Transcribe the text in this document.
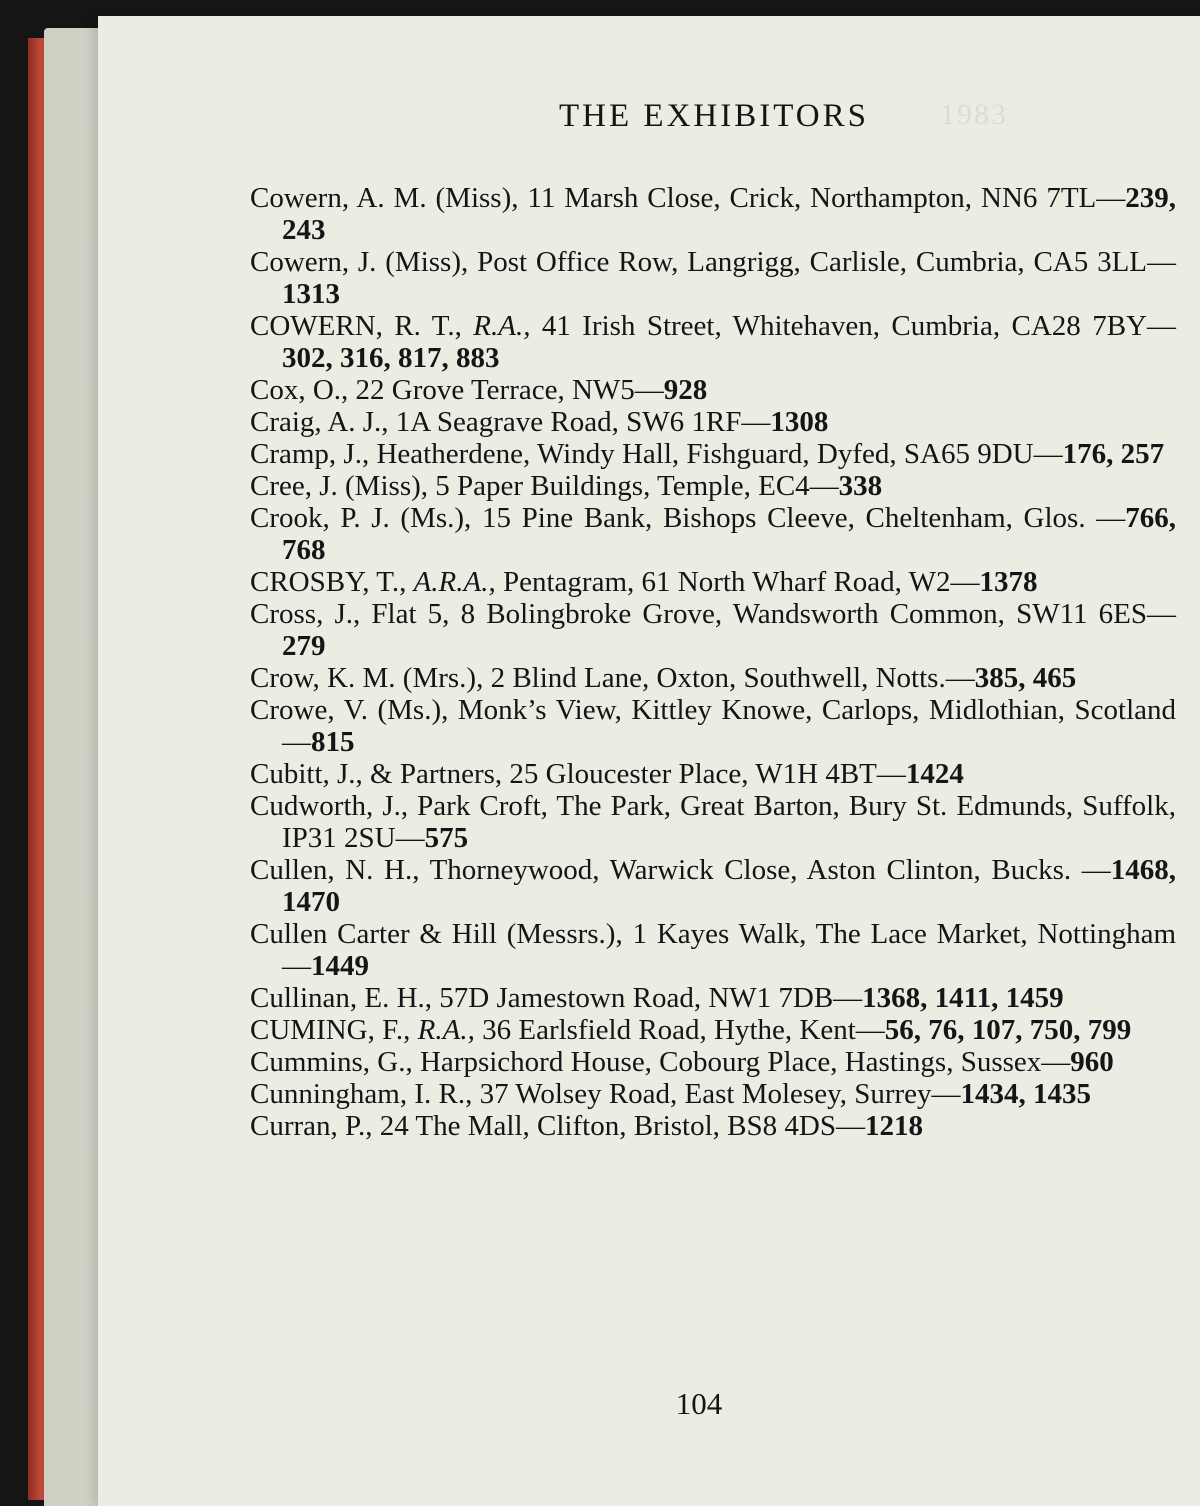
1983
THE EXHIBITORS

Cowern, A. M. (Miss), 11 Marsh Close, Crick, Northampton, NN6 7TL—239, 243

Cowern, J. (Miss), Post Office Row, Langrigg, Carlisle, Cumbria, CA5 3LL—1313

COWERN, R. T., R.A., 41 Irish Street, Whitehaven, Cumbria, CA28 7BY—302, 316, 817, 883

Cox, O., 22 Grove Terrace, NW5—928

Craig, A. J., 1A Seagrave Road, SW6 1RF—1308

Cramp, J., Heatherdene, Windy Hall, Fishguard, Dyfed, SA65 9DU—176, 257

Cree, J. (Miss), 5 Paper Buildings, Temple, EC4—338

Crook, P. J. (Ms.), 15 Pine Bank, Bishops Cleeve, Cheltenham, Glos. —766, 768

CROSBY, T., A.R.A., Pentagram, 61 North Wharf Road, W2—1378

Cross, J., Flat 5, 8 Bolingbroke Grove, Wandsworth Common, SW11 6ES—279

Crow, K. M. (Mrs.), 2 Blind Lane, Oxton, Southwell, Notts.—385, 465

Crowe, V. (Ms.), Monk’s View, Kittley Knowe, Carlops, Midlothian, Scotland—815

Cubitt, J., & Partners, 25 Gloucester Place, W1H 4BT—1424

Cudworth, J., Park Croft, The Park, Great Barton, Bury St. Edmunds, Suffolk, IP31 2SU—575

Cullen, N. H., Thorneywood, Warwick Close, Aston Clinton, Bucks. —1468, 1470

Cullen Carter & Hill (Messrs.), 1 Kayes Walk, The Lace Market, Nottingham—1449

Cullinan, E. H., 57D Jamestown Road, NW1 7DB—1368, 1411, 1459

CUMING, F., R.A., 36 Earlsfield Road, Hythe, Kent—56, 76, 107, 750, 799

Cummins, G., Harpsichord House, Cobourg Place, Hastings, Sussex—960

Cunningham, I. R., 37 Wolsey Road, East Molesey, Surrey—1434, 1435

Curran, P., 24 The Mall, Clifton, Bristol, BS8 4DS—1218

104
